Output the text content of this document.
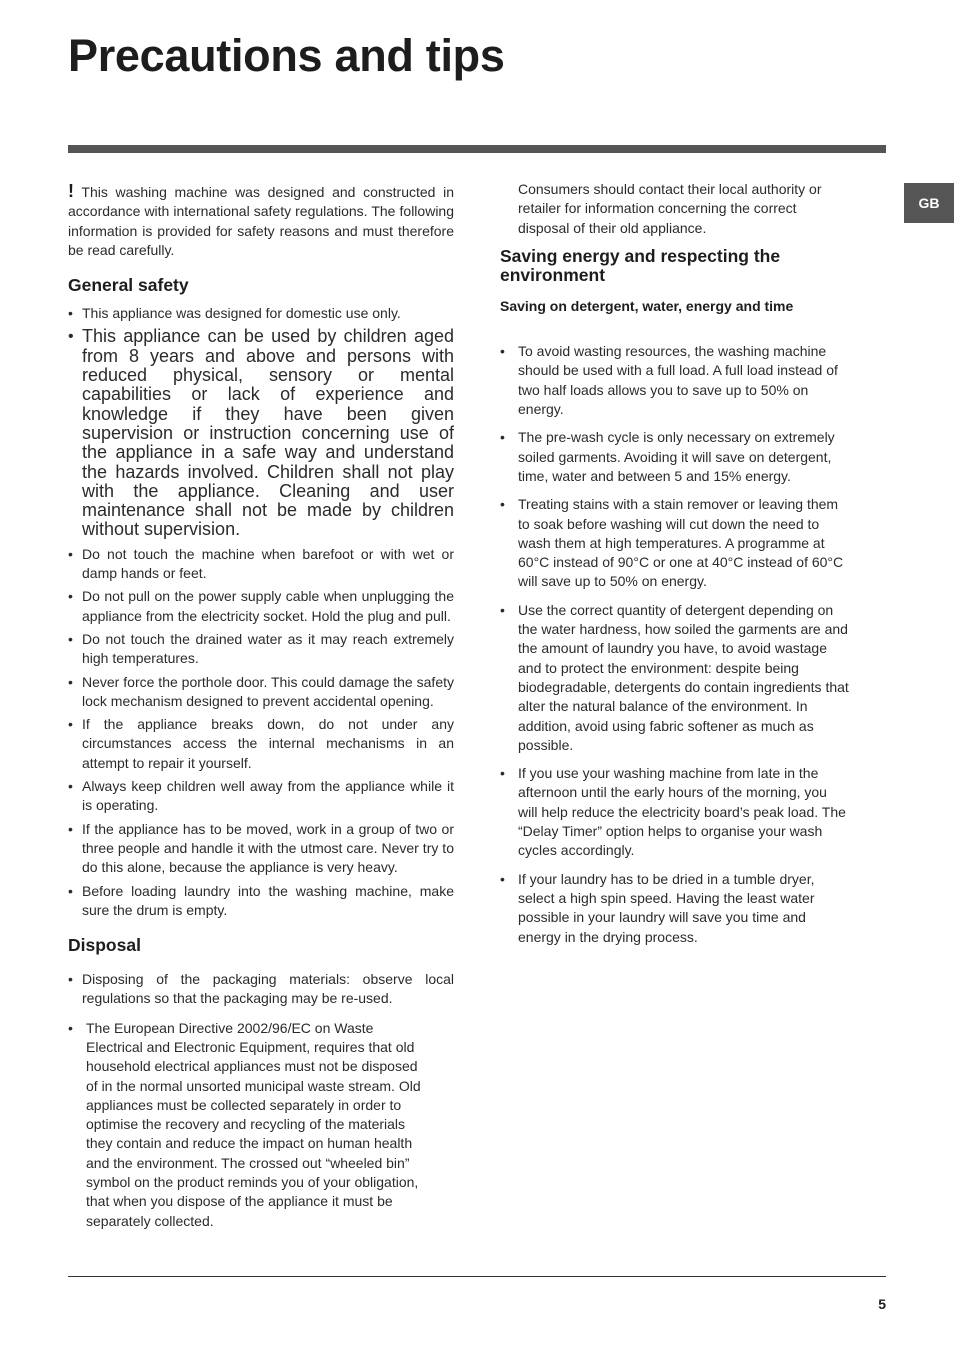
Precautions and tips
GB

! This washing machine was designed and constructed in accordance with international safety regulations. The following information is provided for safety reasons and must therefore be read carefully.

General safety
• This appliance was designed for domestic use only.
• This appliance can be used by children aged from 8 years and above and persons with reduced physical, sensory or mental capabilities or lack of experience and knowledge if they have been given supervision or instruction concerning use of the appliance in a safe way and understand the hazards involved. Children shall not play with the appliance. Cleaning and user maintenance shall not be made by children without supervision.
• Do not touch the machine when barefoot or with wet or damp hands or feet.
• Do not pull on the power supply cable when unplugging the appliance from the electricity socket. Hold the plug and pull.
• Do not touch the drained water as it may reach extremely high temperatures.
• Never force the porthole door. This could damage the safety lock mechanism designed to prevent accidental opening.
• If the appliance breaks down, do not under any circumstances access the internal mechanisms in an attempt to repair it yourself.
• Always keep children well away from the appliance while it is operating.
• If the appliance has to be moved, work in a group of two or three people and handle it with the utmost care. Never try to do this alone, because the appliance is very heavy.
• Before loading laundry into the washing machine, make sure the drum is empty.
Disposal
• Disposing of the packaging materials: observe local regulations so that the packaging may be re-used.
• The European Directive 2002/96/EC on Waste Electrical and Electronic Equipment, requires that old household electrical appliances must not be disposed of in the normal unsorted municipal waste stream. Old appliances must be collected separately in order to optimise the recovery and recycling of the materials they contain and reduce the impact on human health and the environment. The crossed out “wheeled bin” symbol on the product reminds you of your obligation, that when you dispose of the appliance it must be separately collected.

Consumers should contact their local authority or retailer for information concerning the correct disposal of their old appliance.

Saving energy and respecting the environment
Saving on detergent, water, energy and time
• To avoid wasting resources, the washing machine should be used with a full load. A full load instead of two half loads allows you to save up to 50% on energy.
• The pre-wash cycle is only necessary on extremely soiled garments. Avoiding it will save on detergent, time, water and between 5 and 15% energy.
• Treating stains with a stain remover or leaving them to soak before washing will cut down the need to wash them at high temperatures. A programme at 60°C instead of 90°C or one at 40°C instead of 60°C will save up to 50% on energy.
• Use the correct quantity of detergent depending on the water hardness, how soiled the garments are and the amount of laundry you have, to avoid wastage and to protect the environment: despite being biodegradable, detergents do contain ingredients that alter the natural balance of the environment. In addition, avoid using fabric softener as much as possible.
• If you use your washing machine from late in the afternoon until the early hours of the morning, you will help reduce the electricity board’s peak load. The “Delay Timer” option helps to organise your wash cycles accordingly.
• If your laundry has to be dried in a tumble dryer, select a high spin speed. Having the least water possible in your laundry will save you time and energy in the drying process.
5
